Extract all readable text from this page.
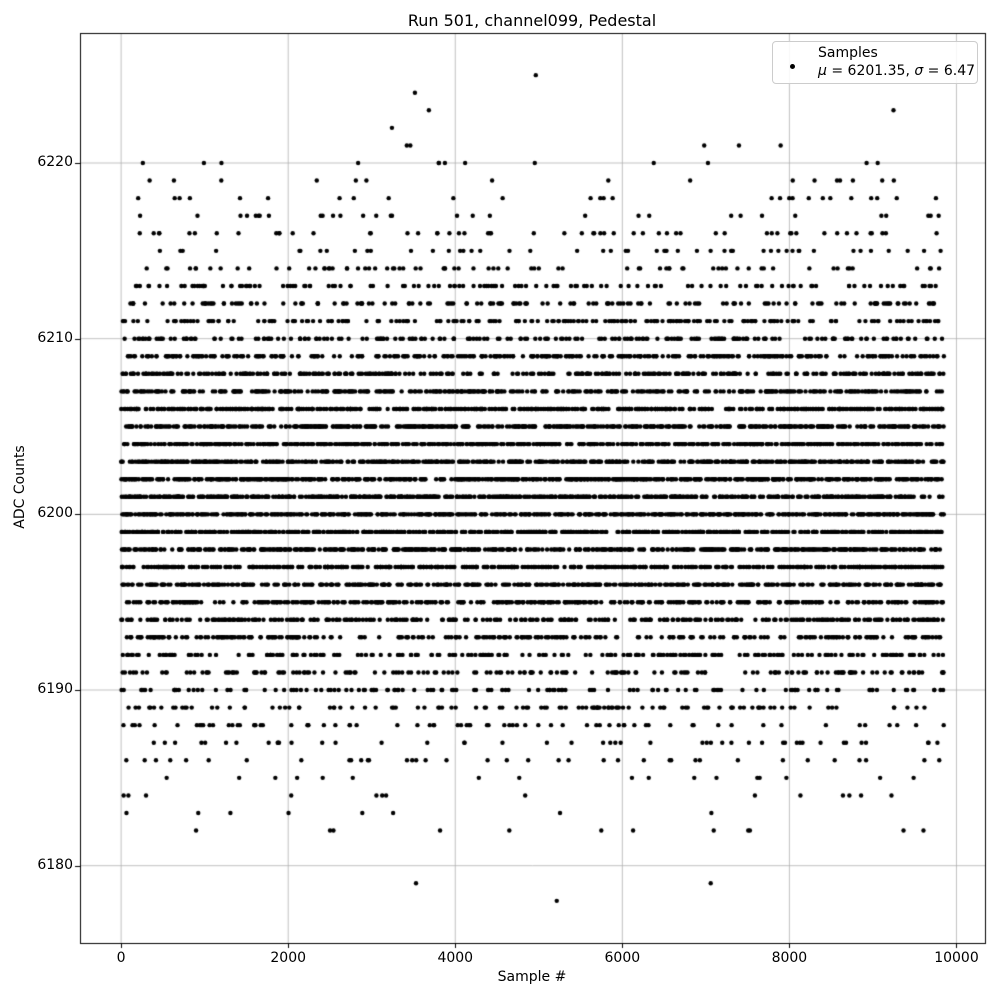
Run 501, channel099, Pedestal
Sample #
ADC Counts
0	2000	4000	6000	8000	10000
6180
6190
6200
6210
6220
Samples
μ = 6201.35, σ = 6.47
